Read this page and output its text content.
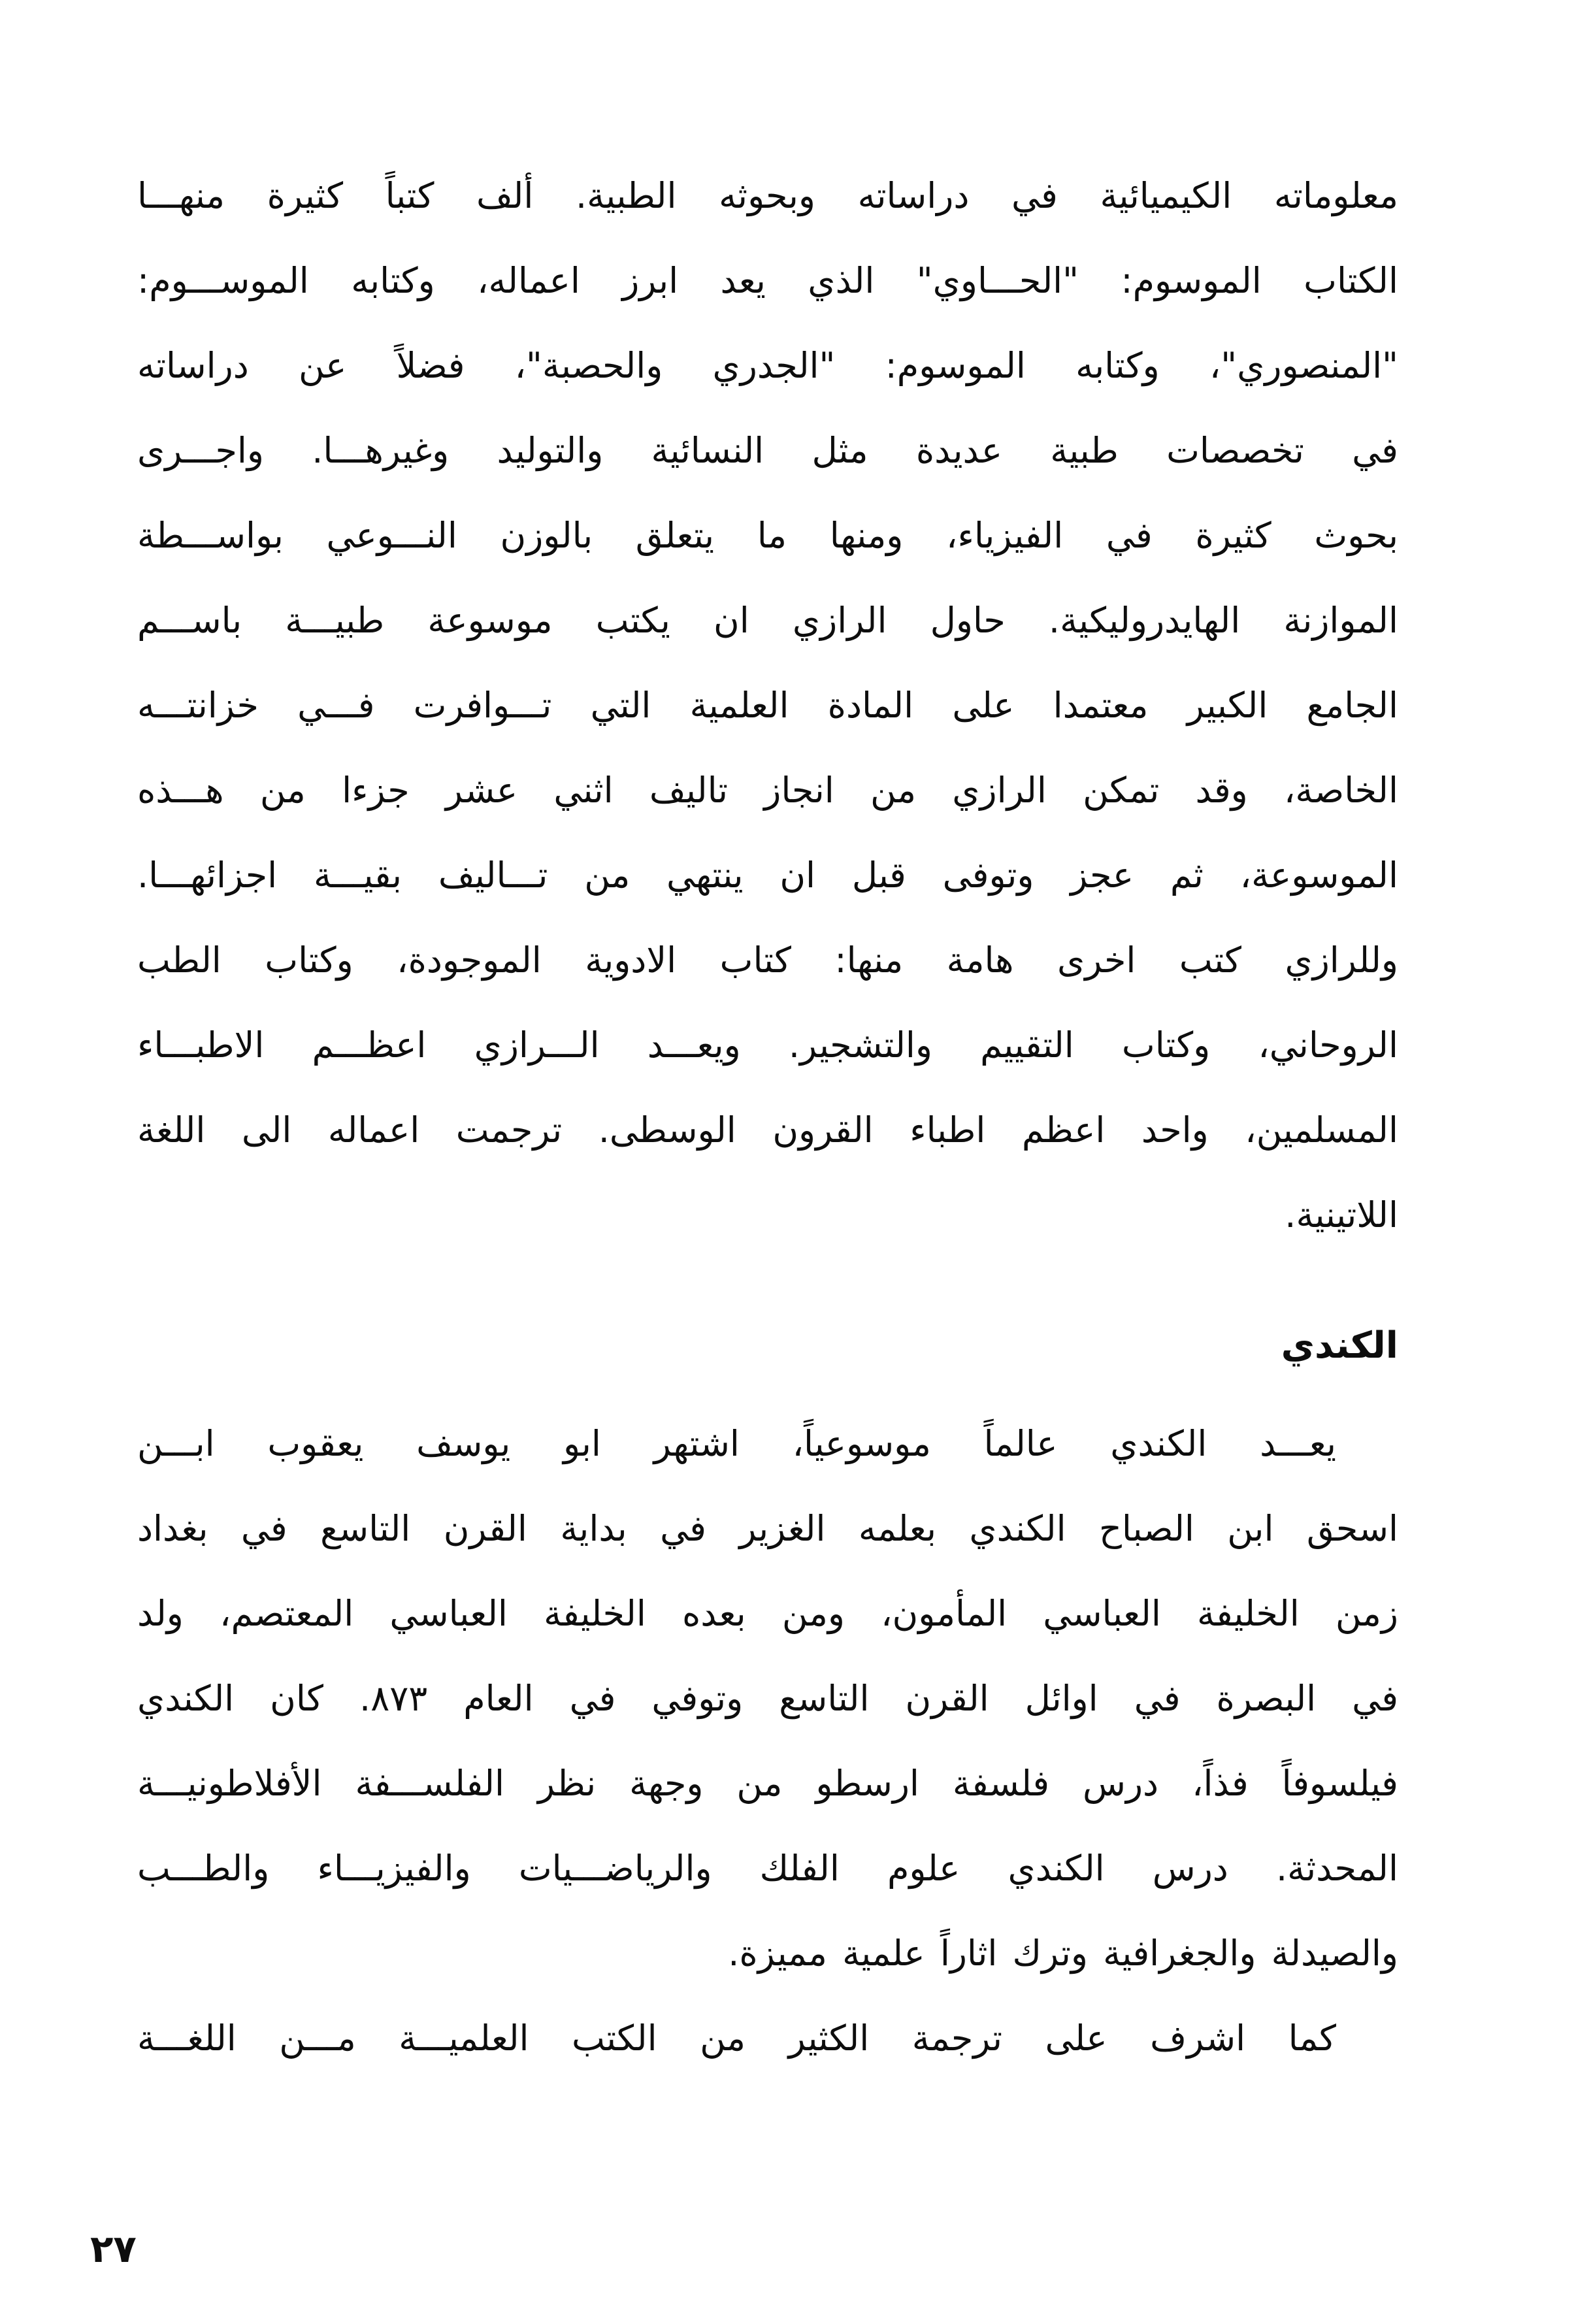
معلوماته الكيميائية في دراساته وبحوثه الطبية. ألف كتباً كثيرة منهـــا
الكتاب الموسوم: "الحـــاوي" الذي يعد ابرز اعماله، وكتابه الموســـوم:
"المنصوري"، وكتابه الموسوم: "الجدري والحصبة"، فضلاً عن دراساته
في تخصصات طبية عديدة مثل النسائية والتوليد وغيرهـــا. واجـــرى
بحوث كثيرة في الفيزياء، ومنها ما يتعلق بالوزن النـــوعي بواســـطة
الموازنة الهايدروليكية. حاول الرازي ان يكتب موسوعة طبيـــة باســـم
الجامع الكبير معتمدا على المادة العلمية التي تـــوافرت فـــي خزانتـــه
الخاصة، وقد تمكن الرازي من انجاز تاليف اثني عشر جزءا من هـــذه
الموسوعة، ثم عجز وتوفى قبل ان ينتهي من تـــاليف بقيـــة اجزائهـــا.
وللرازي كتب اخرى هامة منها: كتاب الادوية الموجودة، وكتاب الطب
الروحاني، وكتاب التقييم والتشجير. ويعـــد الـــرازي اعظـــم الاطبـــاء
المسلمين، واحد اعظم اطباء القرون الوسطى. ترجمت اعماله الى اللغة
اللاتينية.
الكندي
يعـــد الكندي عالماً موسوعياً، اشتهر ابو يوسف يعقوب ابـــن
اسحق ابن الصباح الكندي بعلمه الغزير في بداية القرن التاسع في بغداد
زمن الخليفة العباسي المأمون، ومن بعده الخليفة العباسي المعتصم، ولد
في البصرة في اوائل القرن التاسع وتوفي في العام ٨٧٣. كان الكندي
فيلسوفاً فذاً، درس فلسفة ارسطو من وجهة نظر الفلســـفة الأفلاطونيـــة
المحدثة. درس الكندي علوم الفلك والرياضـــيات والفيزيـــاء والطـــب
والصيدلة والجغرافية وترك اثاراً علمية مميزة.
كما اشرف على ترجمة الكثير من الكتب العلميـــة مـــن اللغـــة
٢٧
